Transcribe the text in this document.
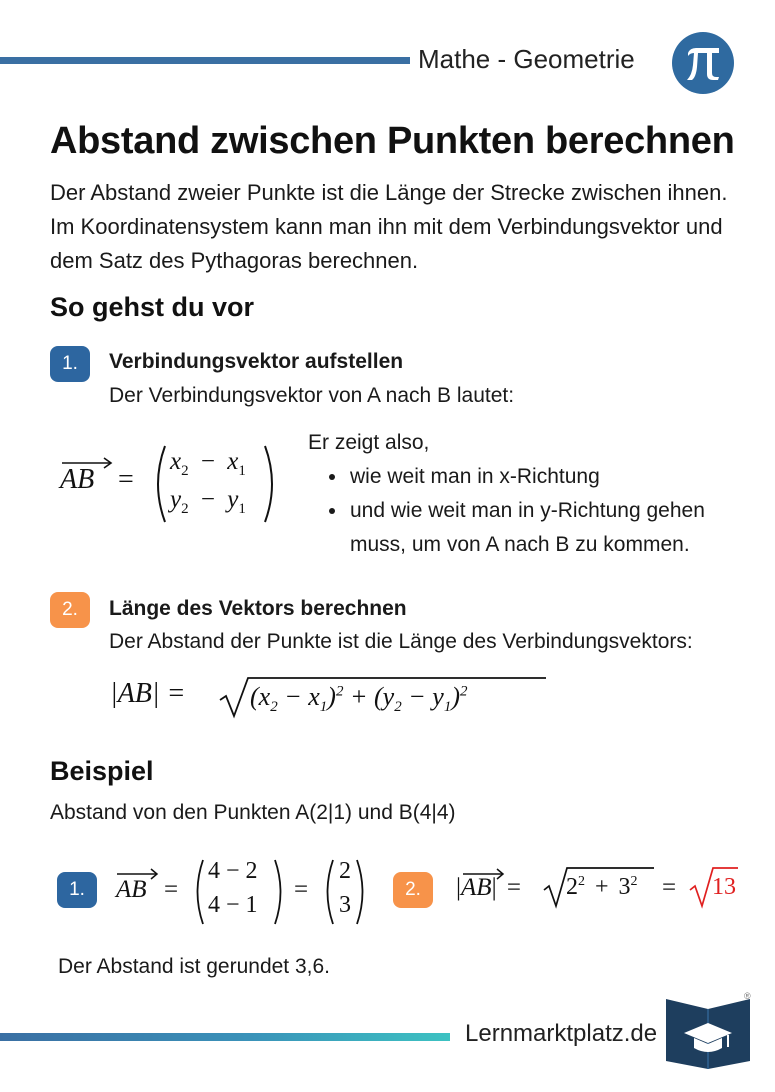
Mathe - Geometrie
Abstand zwischen Punkten berechnen

Der Abstand zweier Punkte ist die Länge der Strecke zwischen ihnen. Im Koordinatensystem kann man ihn mit dem Verbindungsvektor und dem Satz des Pythagoras berechnen.

So gehst du vor
1.	Verbindungsvektor aufstellen
Der Verbindungsvektor von A nach B lautet:
AB =
$x_2 - x_1$
$y_2 - y_1$
Er zeigt also,
• wie weit man in x-Richtung
• und wie weit man in y-Richtung gehen muss, um von A nach B zu kommen.
2.	Länge des Vektors berechnen
Der Abstand der Punkte ist die Länge des Verbindungsvektors:
$|AB| = (x_2 - x_1)^2 + (y_2 - y_1)^2$
Beispiel
Abstand von den Punkten A(2|1) und B(4|4)
1.	AB =
4 − 2
4 − 1
=
2
3
2.	$|AB| = 2^2 + 3^2 = 13$
Der Abstand ist gerundet 3,6.
Lernmarktplatz.de
®
